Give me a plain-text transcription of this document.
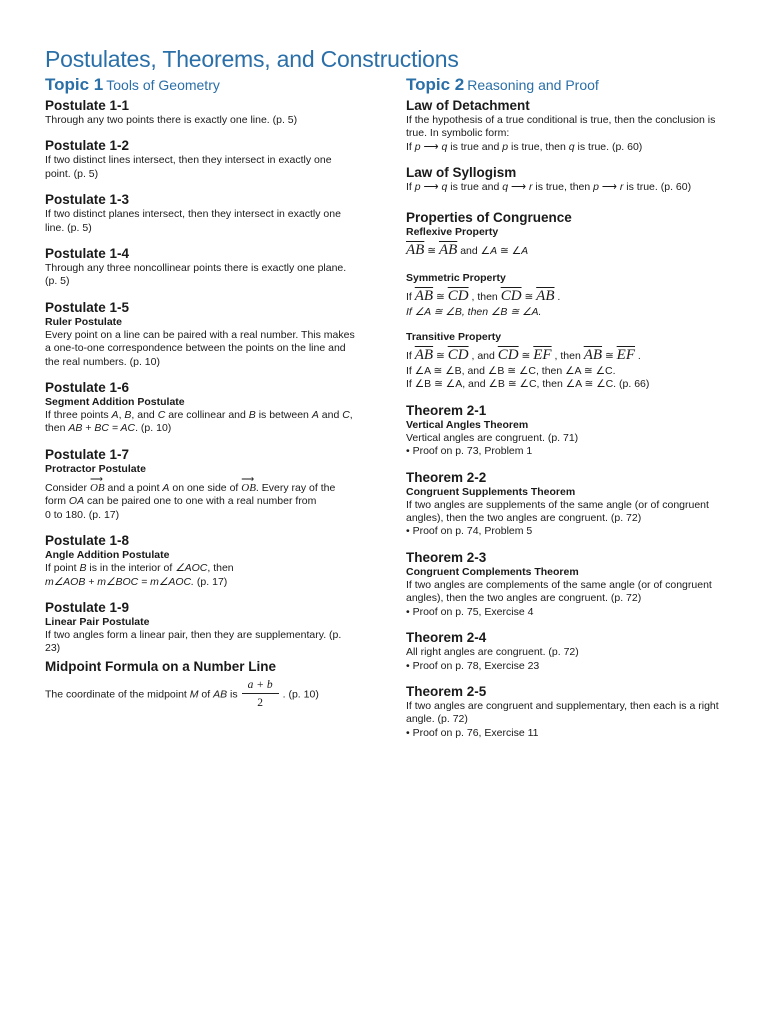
Postulates, Theorems, and Constructions
Topic 1 Tools of Geometry
Postulate 1-1
Through any two points there is exactly one line. (p. 5)
Postulate 1-2
If two distinct lines intersect, then they intersect in exactly one point. (p. 5)
Postulate 1-3
If two distinct planes intersect, then they intersect in exactly one line. (p. 5)
Postulate 1-4
Through any three noncollinear points there is exactly one plane.(p. 5)
Postulate 1-5
Ruler Postulate
Every point on a line can be paired with a real number. This makes a one-to-one correspondence between the points on the line and the real numbers. (p. 10)
Postulate 1-6
Segment Addition Postulate
If three points A, B, and C are collinear and B is between A and C, then AB + BC = AC. (p. 10)
Postulate 1-7
Protractor Postulate
Consider ⟶ OB and a point A on one side of ⟶ OB. Every ray of the
form OA can be paired one to one with a real number from
0 to 180. (p. 17)
Postulate 1-8
Angle Addition Postulate
If point B is in the interior of ∠AOC, then
m∠AOB + m∠BOC = m∠AOC. (p. 17)
Postulate 1-9
Linear Pair Postulate
If two angles form a linear pair, then they are supplementary. (p. 23)
Midpoint Formula on a Number Line
The coordinate of the midpoint M of AB is $\frac{a + b}{2}$ . (p. 10)
Topic 2 Reasoning and Proof
Law of Detachment
If the hypothesis of a true conditional is true, then the conclusion is true. In symbolic form:
If p ⟶ q is true and p is true, then q is true. (p. 60)
Law of Syllogism
If p ⟶ q is true and q ⟶ r is true, then p ⟶ r is true. (p. 60)
Properties of Congruence
Reflexive Property
$\overline{AB}$ ≅ $\overline{AB}$ and ∠A ≅ ∠A
Symmetric Property
If $\overline{AB}$ ≅ $\overline{CD}$ , then $\overline{CD}$ ≅ $\overline{AB}$ .
If ∠A ≅ ∠B, then ∠B ≅ ∠A.
Transitive Property
If $\overline{AB}$ ≅ $\overline{CD}$ , and $\overline{CD}$ ≅ $\overline{EF}$ , then $\overline{AB}$ ≅ $\overline{EF}$ .
If ∠A ≅ ∠B, and ∠B ≅ ∠C, then ∠A ≅ ∠C.
If ∠B ≅ ∠A, and ∠B ≅ ∠C, then ∠A ≅ ∠C. (p. 66)
Theorem 2-1
Vertical Angles Theorem
Vertical angles are congruent. (p. 71)
• Proof on p. 73, Problem 1
Theorem 2-2
Congruent Supplements Theorem
If two angles are supplements of the same angle (or of congruent angles), then the two angles are congruent. (p. 72)
• Proof on p. 74, Problem 5
Theorem 2-3
Congruent Complements Theorem
If two angles are complements of the same angle (or of congruent angles), then the two angles are congruent. (p. 72)
• Proof on p. 75, Exercise 4
Theorem 2-4
All right angles are congruent. (p. 72)
• Proof on p. 78, Exercise 23
Theorem 2-5
If two angles are congruent and supplementary, then each is a right angle. (p. 72)
• Proof on p. 76, Exercise 11
